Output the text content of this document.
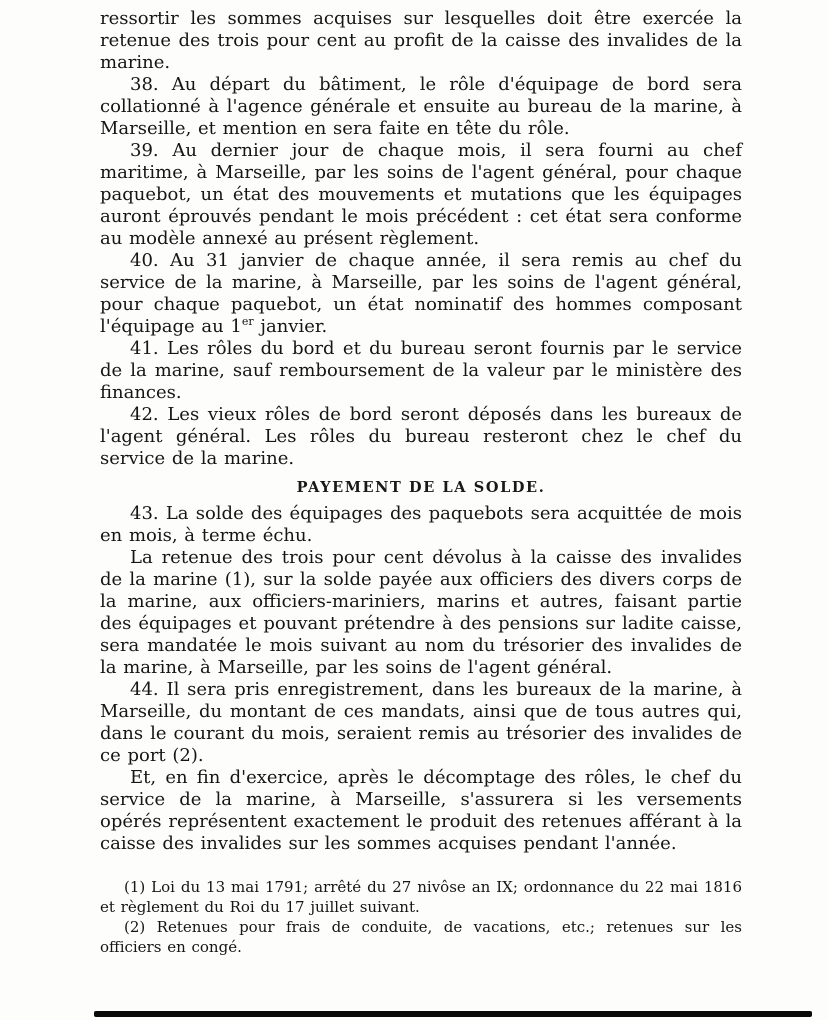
ressortir les sommes acquises sur lesquelles doit être exercée la retenue des trois pour cent au profit de la caisse des invalides de la marine.

38. Au départ du bâtiment, le rôle d'équipage de bord sera collationné à l'agence générale et ensuite au bureau de la marine, à Marseille, et mention en sera faite en tête du rôle.

39. Au dernier jour de chaque mois, il sera fourni au chef maritime, à Marseille, par les soins de l'agent général, pour chaque paquebot, un état des mouvements et mutations que les équipages auront éprouvés pendant le mois précédent : cet état sera conforme au modèle annexé au présent règlement.

40. Au 31 janvier de chaque année, il sera remis au chef du service de la marine, à Marseille, par les soins de l'agent général, pour chaque paquebot, un état nominatif des hommes composant l'équipage au 1er janvier.

41. Les rôles du bord et du bureau seront fournis par le service de la marine, sauf remboursement de la valeur par le ministère des finances.

42. Les vieux rôles de bord seront déposés dans les bureaux de l'agent général. Les rôles du bureau resteront chez le chef du service de la marine.

PAYEMENT DE LA SOLDE.

43. La solde des équipages des paquebots sera acquittée de mois en mois, à terme échu.

La retenue des trois pour cent dévolus à la caisse des invalides de la marine (1), sur la solde payée aux officiers des divers corps de la marine, aux officiers-mariniers, marins et autres, faisant partie des équipages et pouvant prétendre à des pensions sur ladite caisse, sera mandatée le mois suivant au nom du trésorier des invalides de la marine, à Marseille, par les soins de l'agent général.

44. Il sera pris enregistrement, dans les bureaux de la marine, à Marseille, du montant de ces mandats, ainsi que de tous autres qui, dans le courant du mois, seraient remis au trésorier des invalides de ce port (2).

Et, en fin d'exercice, après le décomptage des rôles, le chef du service de la marine, à Marseille, s'assurera si les versements opérés représentent exactement le produit des retenues afférant à la caisse des invalides sur les sommes acquises pendant l'année.

(1) Loi du 13 mai 1791; arrêté du 27 nivôse an IX; ordonnance du 22 mai 1816 et règlement du Roi du 17 juillet suivant.

(2) Retenues pour frais de conduite, de vacations, etc.; retenues sur les officiers en congé.
